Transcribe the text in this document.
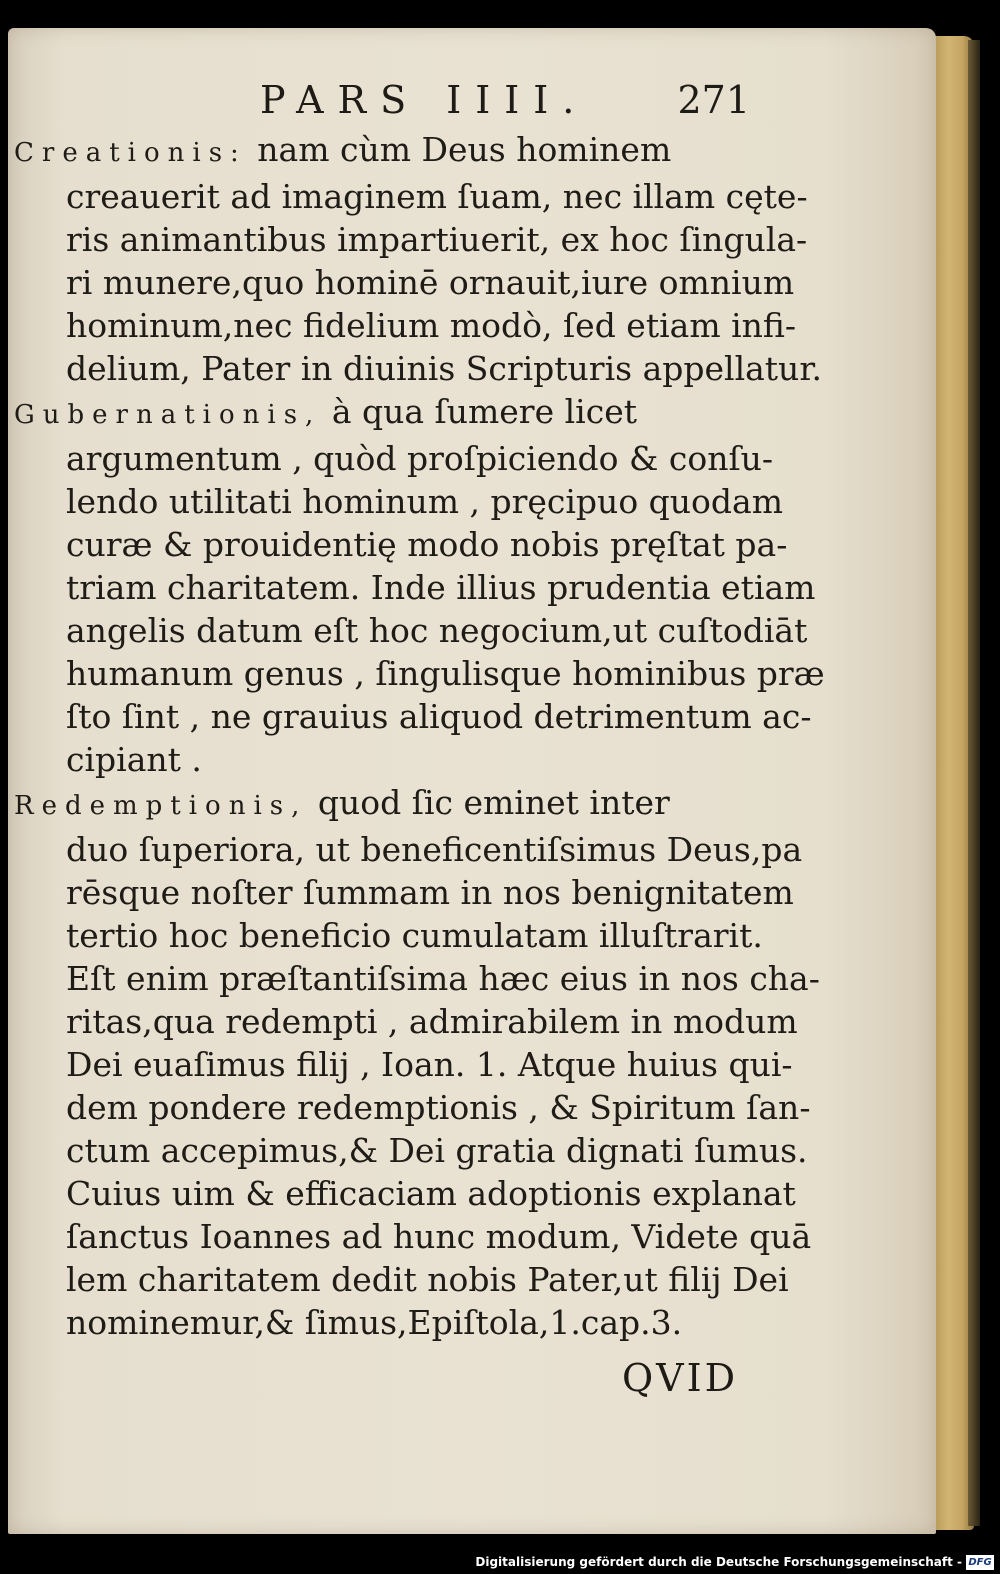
PARS IIII. 271
Creationis: nam cùm Deus hominem
creauerit ad imaginem ſuam, nec illam cęte-
ris animantibus impartiuerit, ex hoc ſingula-
ri munere,quo hominē ornauit,iure omnium
hominum,nec fidelium modò, ſed etiam infi-
delium, Pater in diuinis Scripturis appellatur.
Gubernationis, à qua ſumere licet
argumentum , quòd proſpiciendo & conſu-
lendo utilitati hominum , pręcipuo quodam
curæ & prouidentię modo nobis pręſtat pa-
triam charitatem. Inde illius prudentia etiam
angelis datum eſt hoc negocium,ut cuſtodiāt
humanum genus , ſingulisque hominibus præ
ſto ſint , ne grauius aliquod detrimentum ac-
cipiant .
Redemptionis, quod ſic eminet inter
duo ſuperiora, ut beneficentiſsimus Deus,pa
rēsque noſter ſummam in nos benignitatem
tertio hoc beneficio cumulatam illuſtrarit.
Eſt enim præſtantiſsima hæc eius in nos cha-
ritas,qua redempti , admirabilem in modum
Dei euaſimus filij , Ioan. 1. Atque huius qui-
dem pondere redemptionis , & Spiritum ſan-
ctum accepimus,& Dei gratia dignati ſumus.
Cuius uim & efficaciam adoptionis explanat
ſanctus Ioannes ad hunc modum, Videte quā
lem charitatem dedit nobis Pater,ut filij Dei
nominemur,& ſimus,Epiſtola,1.cap.3.
QVID
Digitalisierung gefördert durch die Deutsche Forschungsgemeinschaft - DFG
